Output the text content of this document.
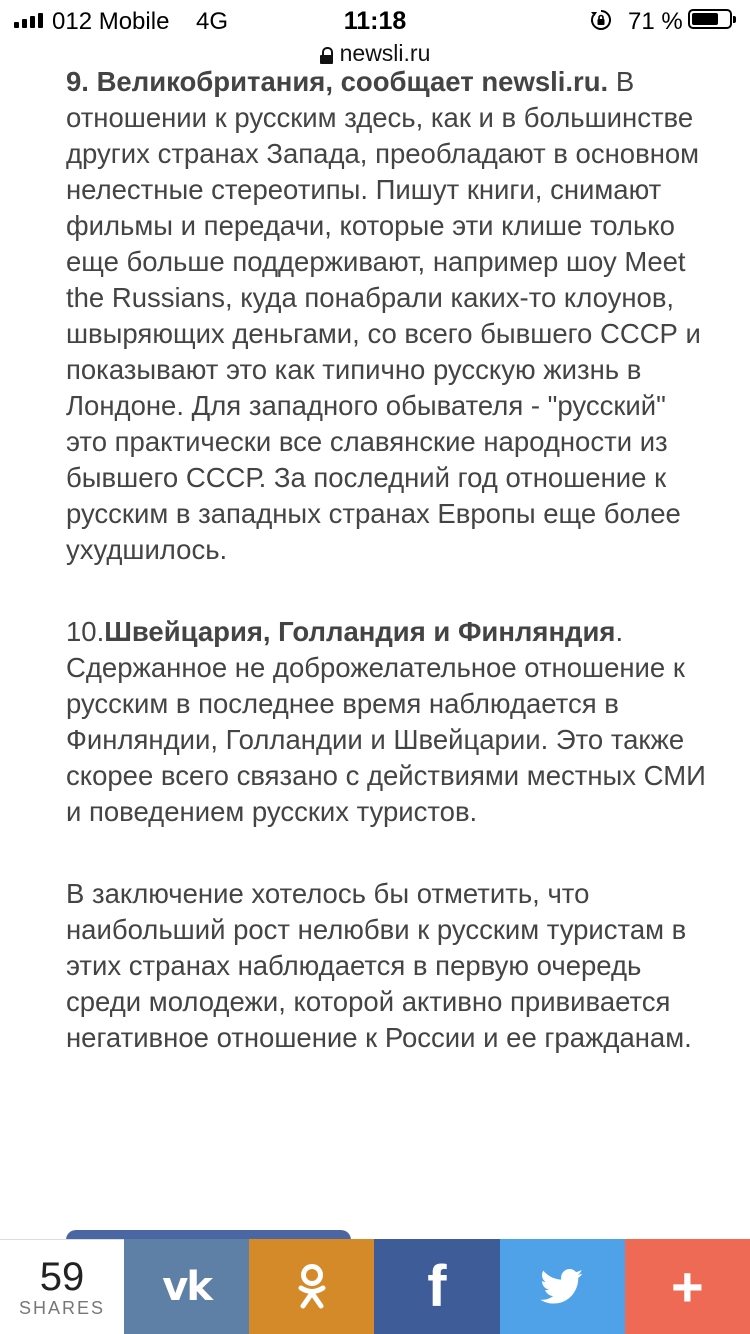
012 Mobile 4G	11:18	71 %
newsli.ru

9. Великобритания, сообщает newsli.ru. В
отношении к русским здесь, как и в большинстве других странах Запада, преобладают в основном нелестные стереотипы. Пишут книги, снимают фильмы и передачи, которые эти клише только еще больше поддерживают, например шоу Meet the Russians, куда понабрали каких-то клоунов, швыряющих деньгами, со всего бывшего СССР и показывают это как типично русскую жизнь в Лондоне. Для западного обывателя - "русский" это практически все славянские народности из бывшего СССР. За последний год отношение к русским в западных странах Европы еще более ухудшилось.

10.Швейцария, Голландия и Финляндия. Сдержанное не доброжелательное отношение к русским в последнее время наблюдается в Финляндии, Голландии и Швейцарии. Это также скорее всего связано с действиями местных СМИ и поведением русских туристов.

В заключение хотелось бы отметить, что наибольший рост нелюбви к русским туристам в этих странах наблюдается в первую очередь среди молодежи, которой активно прививается негативное отношение к России и ее гражданам.

59
SHARES vk	f	+
